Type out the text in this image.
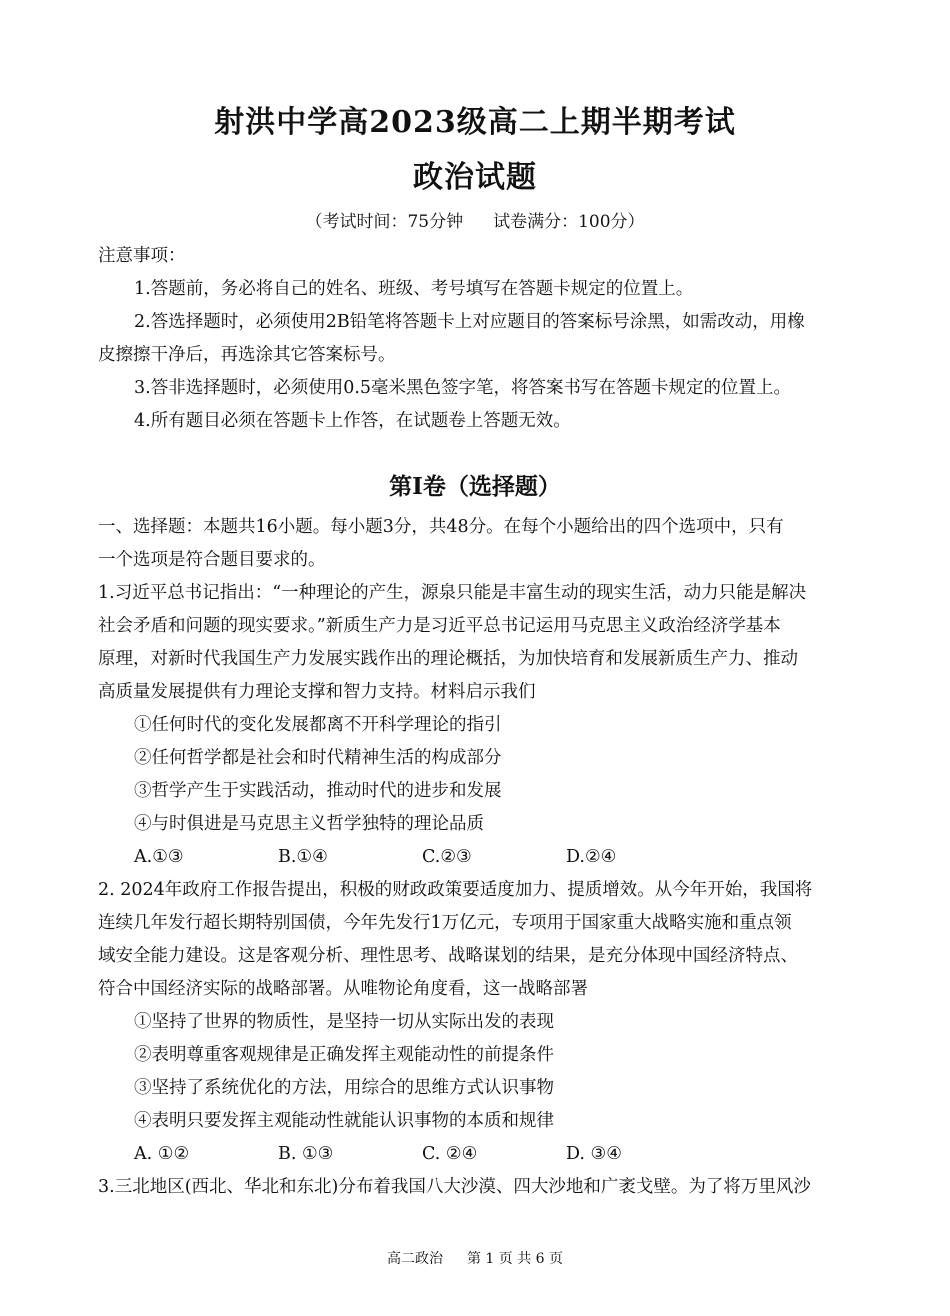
射洪中学高2023级高二上期半期考试
政治试题
（考试时间：75分钟 试卷满分：100分）
注意事项：
1.答题前，务必将自己的姓名、班级、考号填写在答题卡规定的位置上。
2.答选择题时，必须使用2B铅笔将答题卡上对应题目的答案标号涂黑，如需改动，用橡
皮擦擦干净后，再选涂其它答案标号。
3.答非选择题时，必须使用0.5毫米黑色签字笔，将答案书写在答题卡规定的位置上。
4.所有题目必须在答题卡上作答，在试题卷上答题无效。
第I卷（选择题）
一、选择题：本题共16小题。每小题3分，共48分。在每个小题给出的四个选项中，只有
一个选项是符合题目要求的。
1.习近平总书记指出：“一种理论的产生，源泉只能是丰富生动的现实生活，动力只能是解决
社会矛盾和问题的现实要求。”新质生产力是习近平总书记运用马克思主义政治经济学基本
原理，对新时代我国生产力发展实践作出的理论概括，为加快培育和发展新质生产力、推动
高质量发展提供有力理论支撑和智力支持。材料启示我们
①任何时代的变化发展都离不开科学理论的指引
②任何哲学都是社会和时代精神生活的构成部分
③哲学产生于实践活动，推动时代的进步和发展
④与时俱进是马克思主义哲学独特的理论品质
A.①③	B.①④	C.②③	D.②④
2. 2024年政府工作报告提出，积极的财政政策要适度加力、提质增效。从今年开始，我国将
连续几年发行超长期特别国债，今年先发行1万亿元，专项用于国家重大战略实施和重点领
域安全能力建设。这是客观分析、理性思考、战略谋划的结果，是充分体现中国经济特点、
符合中国经济实际的战略部署。从唯物论角度看，这一战略部署
①坚持了世界的物质性，是坚持一切从实际出发的表现
②表明尊重客观规律是正确发挥主观能动性的前提条件
③坚持了系统优化的方法，用综合的思维方式认识事物
④表明只要发挥主观能动性就能认识事物的本质和规律
A. ①②	B. ①③	C. ②④	D. ③④
3.三北地区(西北、华北和东北)分布着我国八大沙漠、四大沙地和广袤戈壁。为了将万里风沙
高二政治 第 1 页 共 6 页
